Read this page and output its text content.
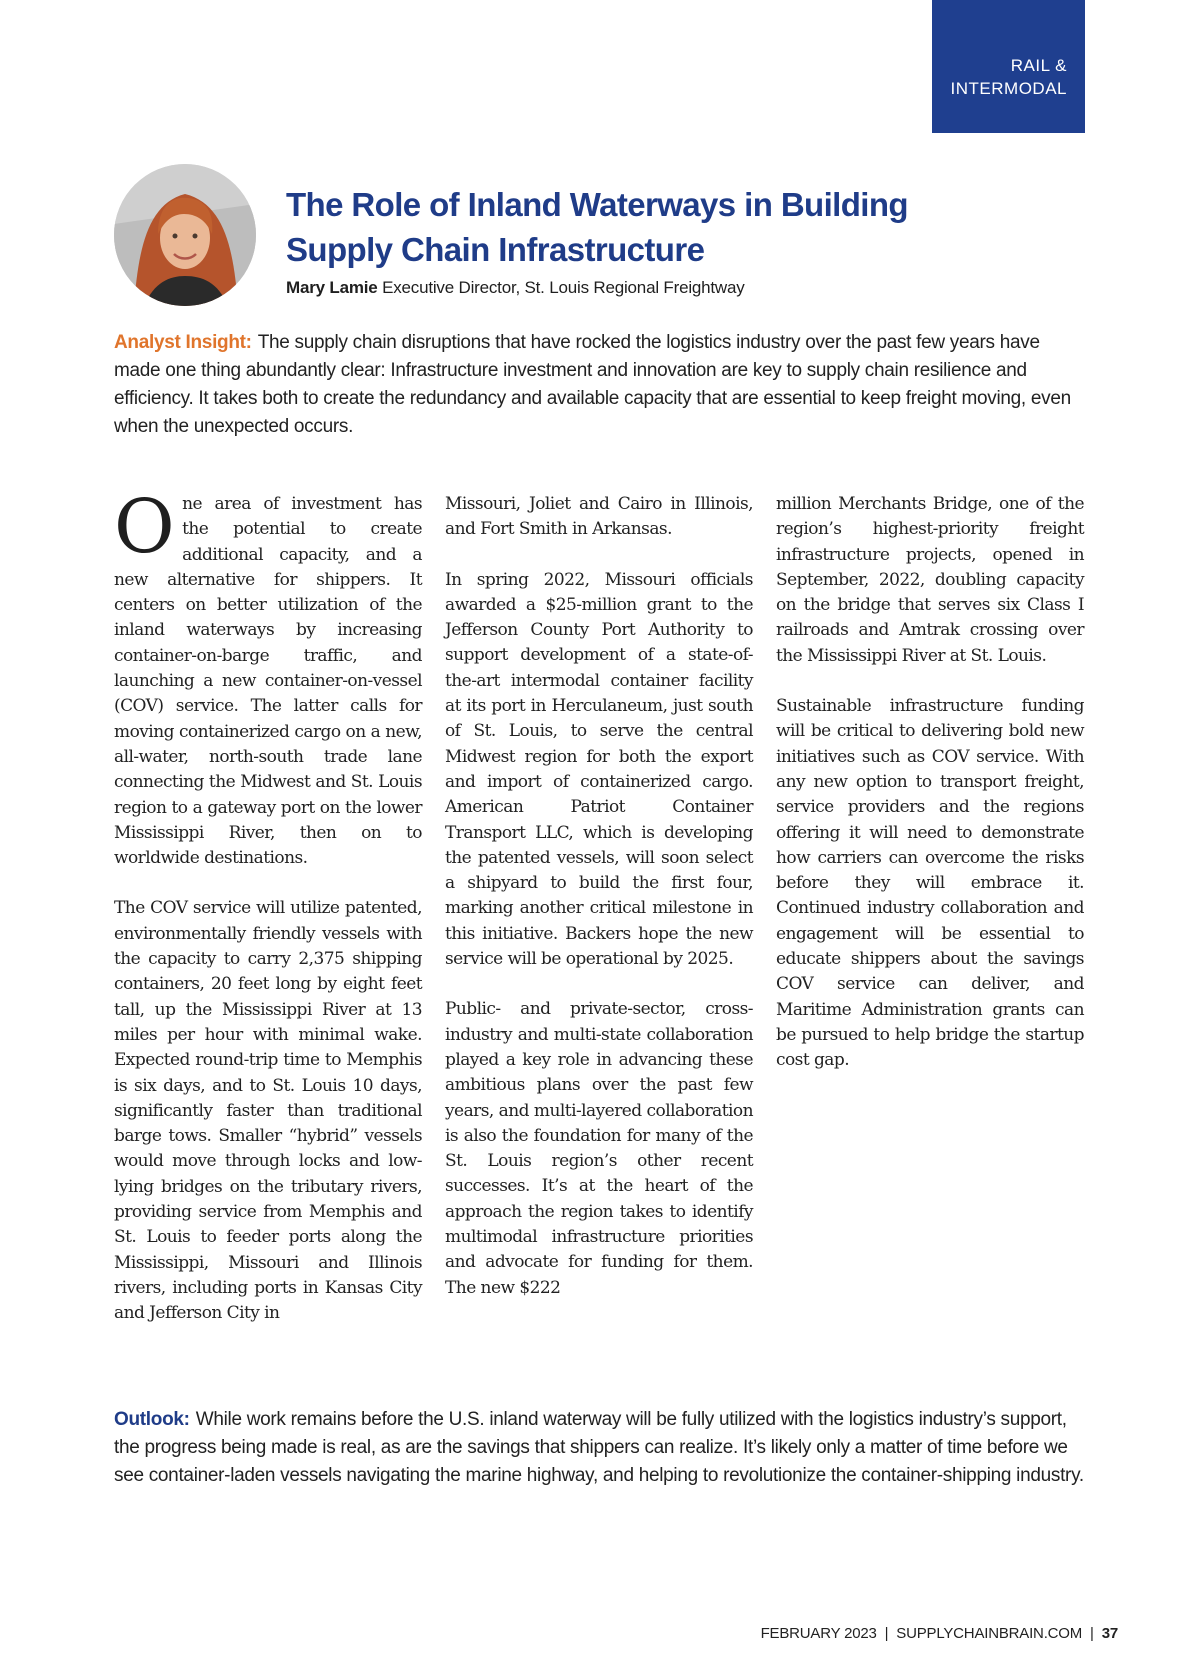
RAIL &
INTERMODAL
The Role of Inland Waterways in Building
Supply Chain Infrastructure
Mary Lamie Executive Director, St. Louis Regional Freightway

Analyst Insight: The supply chain disruptions that have rocked the logistics industry over the past few years have made one thing abundantly clear: Infrastructure investment and innovation are key to supply chain resilience and efficiency. It takes both to create the redundancy and available capacity that are essential to keep freight moving, even when the unexpected occurs.

One area of investment has the potential to create additional capacity, and a new alternative for shippers. It centers on better utilization of the inland waterways by increasing container-on-barge traffic, and launching a new container-on-vessel (COV) service. The latter calls for moving containerized cargo on a new, all-water, north-south trade lane connecting the Midwest and St. Louis region to a gateway port on the lower Mississippi River, then on to worldwide destinations.

The COV service will utilize patented, environmentally friendly vessels with the capacity to carry 2,375 shipping containers, 20 feet long by eight feet tall, up the Mississippi River at 13 miles per hour with minimal wake. Expected round-trip time to Memphis is six days, and to St. Louis 10 days, significantly faster than traditional barge tows. Smaller “hybrid” vessels would move through locks and low-lying bridges on the tributary rivers, providing service from Memphis and St. Louis to feeder ports along the Mississippi, Missouri and Illinois rivers, including ports in Kansas City and Jefferson City in

Missouri, Joliet and Cairo in Illinois, and Fort Smith in Arkansas.

In spring 2022, Missouri officials awarded a $25-million grant to the Jefferson County Port Authority to support development of a state-of-the-art intermodal container facility at its port in Herculaneum, just south of St. Louis, to serve the central Midwest region for both the export and import of containerized cargo. American Patriot Container Transport LLC, which is developing the patented vessels, will soon select a shipyard to build the first four, marking another critical milestone in this initiative. Backers hope the new service will be operational by 2025.

Public- and private-sector, cross-industry and multi-state collaboration played a key role in advancing these ambitious plans over the past few years, and multi-layered collaboration is also the foundation for many of the St. Louis region’s other recent successes. It’s at the heart of the approach the region takes to identify multimodal infrastructure priorities and advocate for funding for them. The new $222

million Merchants Bridge, one of the region’s highest-priority freight infrastructure projects, opened in September, 2022, doubling capacity on the bridge that serves six Class I railroads and Amtrak crossing over the Mississippi River at St. Louis.

Sustainable infrastructure funding will be critical to delivering bold new initiatives such as COV service. With any new option to transport freight, service providers and the regions offering it will need to demonstrate how carriers can overcome the risks before they will embrace it. Continued industry collaboration and engagement will be essential to educate shippers about the savings COV service can deliver, and Maritime Administration grants can be pursued to help bridge the startup cost gap.

Outlook: While work remains before the U.S. inland waterway will be fully utilized with the logistics industry’s support, the progress being made is real, as are the savings that shippers can realize. It’s likely only a matter of time before we see container-laden vessels navigating the marine highway, and helping to revolutionize the container-shipping industry.

FEBRUARY 2023 | SUPPLYCHAINBRAIN.COM | 37
